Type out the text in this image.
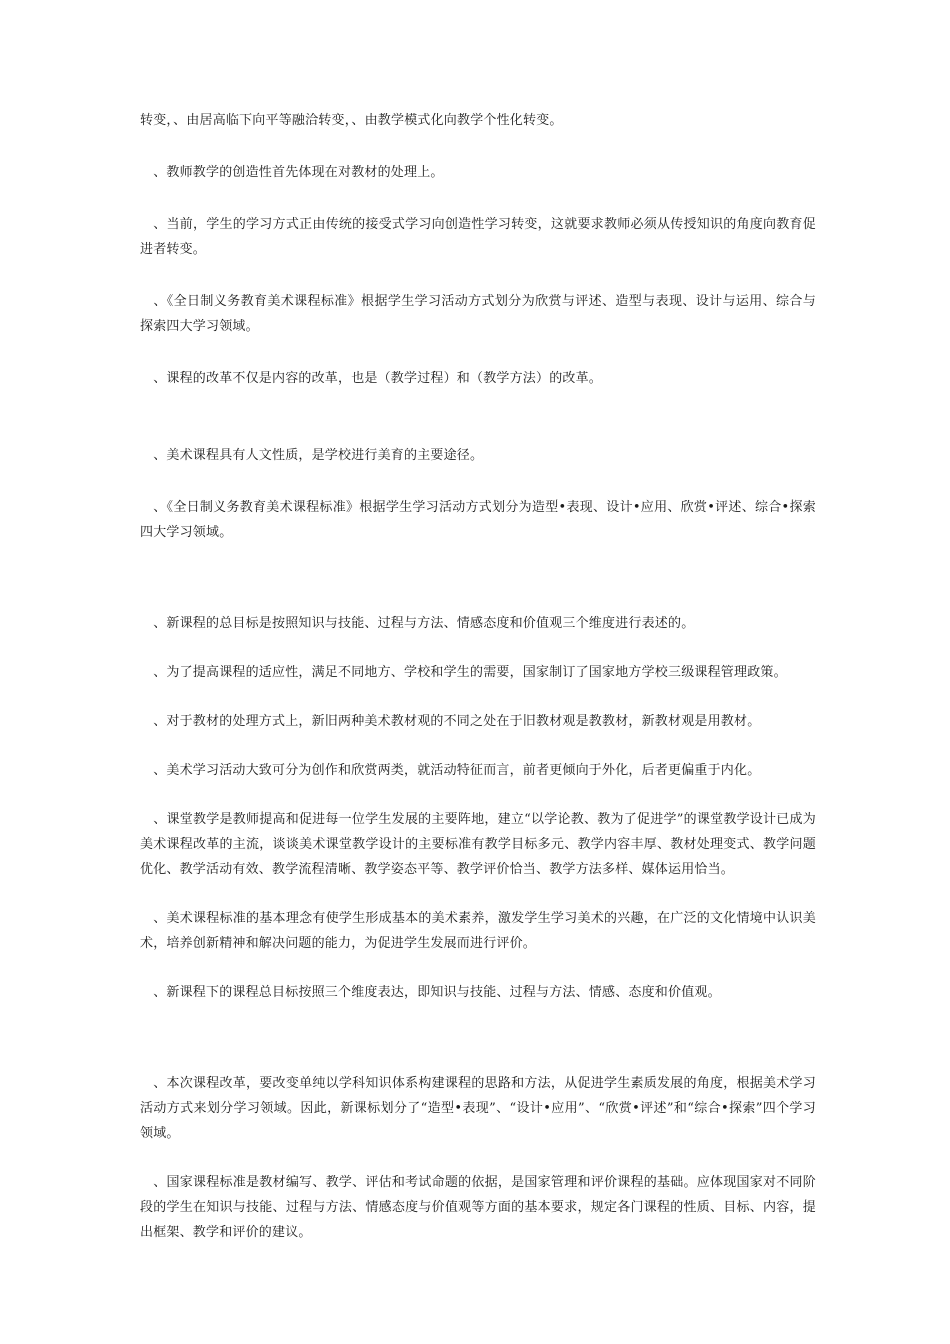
转变，、由居高临下向平等融洽转变，、由教学模式化向教学个性化转变。

　、教师教学的创造性首先体现在对教材的处理上。

　、当前，学生的学习方式正由传统的接受式学习向创造性学习转变，这就要求教师必须从传授知识的角度向教育促进者转变。

　、《全日制义务教育美术课程标准》根据学生学习活动方式划分为欣赏与评述、造型与表现、设计与运用、综合与探索四大学习领域。

　、课程的改革不仅是内容的改革，也是（教学过程）和（教学方法）的改革。

　、美术课程具有人文性质，是学校进行美育的主要途径。

　、《全日制义务教育美术课程标准》根据学生学习活动方式划分为造型•表现、设计•应用、欣赏•评述、综合•探索四大学习领域。

　、新课程的总目标是按照知识与技能、过程与方法、情感态度和价值观三个维度进行表述的。

　、为了提高课程的适应性，满足不同地方、学校和学生的需要，国家制订了国家地方学校三级课程管理政策。

　、对于教材的处理方式上，新旧两种美术教材观的不同之处在于旧教材观是教教材，新教材观是用教材。

　、美术学习活动大致可分为创作和欣赏两类，就活动特征而言，前者更倾向于外化，后者更偏重于内化。

　、课堂教学是教师提高和促进每一位学生发展的主要阵地，建立“以学论教、教为了促进学”的课堂教学设计已成为美术课程改革的主流，谈谈美术课堂教学设计的主要标准有教学目标多元、教学内容丰厚、教材处理变式、教学问题优化、教学活动有效、教学流程清晰、教学姿态平等、教学评价恰当、教学方法多样、媒体运用恰当。

　、美术课程标准的基本理念有使学生形成基本的美术素养，激发学生学习美术的兴趣，在广泛的文化情境中认识美术，培养创新精神和解决问题的能力，为促进学生发展而进行评价。

　、新课程下的课程总目标按照三个维度表达，即知识与技能、过程与方法、情感、态度和价值观。

　、本次课程改革，要改变单纯以学科知识体系构建课程的思路和方法，从促进学生素质发展的角度，根据美术学习活动方式来划分学习领域。因此，新课标划分了“造型•表现”、“设计•应用”、“欣赏•评述”和“综合•探索”四个学习领域。

　、国家课程标准是教材编写、教学、评估和考试命题的依据，是国家管理和评价课程的基础。应体现国家对不同阶段的学生在知识与技能、过程与方法、情感态度与价值观等方面的基本要求，规定各门课程的性质、目标、内容，提出框架、教学和评价的建议。
